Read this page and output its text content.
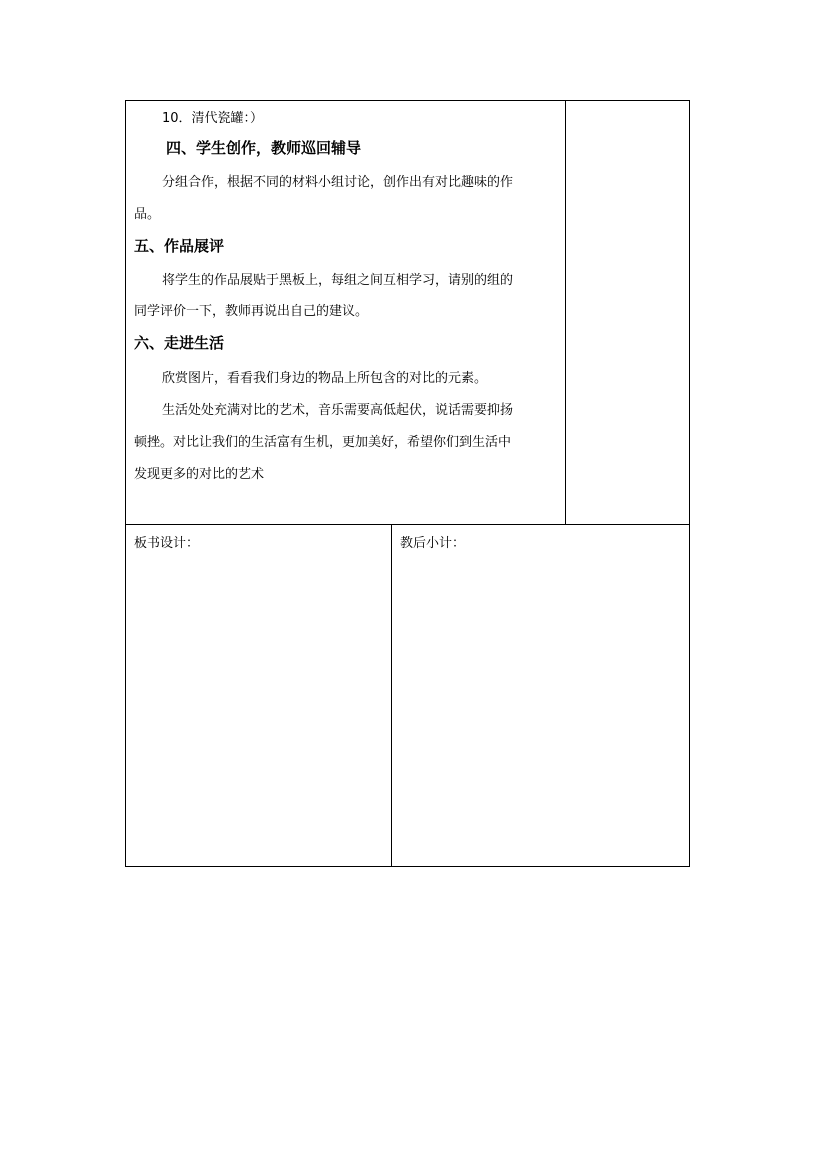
10．清代瓷罐：）
四、学生创作，教师巡回辅导
分组合作，根据不同的材料小组讨论，创作出有对比趣味的作
品。
五、作品展评
将学生的作品展贴于黑板上，每组之间互相学习，请别的组的
同学评价一下，教师再说出自己的建议。
六、走进生活
欣赏图片，看看我们身边的物品上所包含的对比的元素。
生活处处充满对比的艺术，音乐需要高低起伏，说话需要抑扬
顿挫。对比让我们的生活富有生机，更加美好，希望你们到生活中
发现更多的对比的艺术
板书设计：	教后小计：
